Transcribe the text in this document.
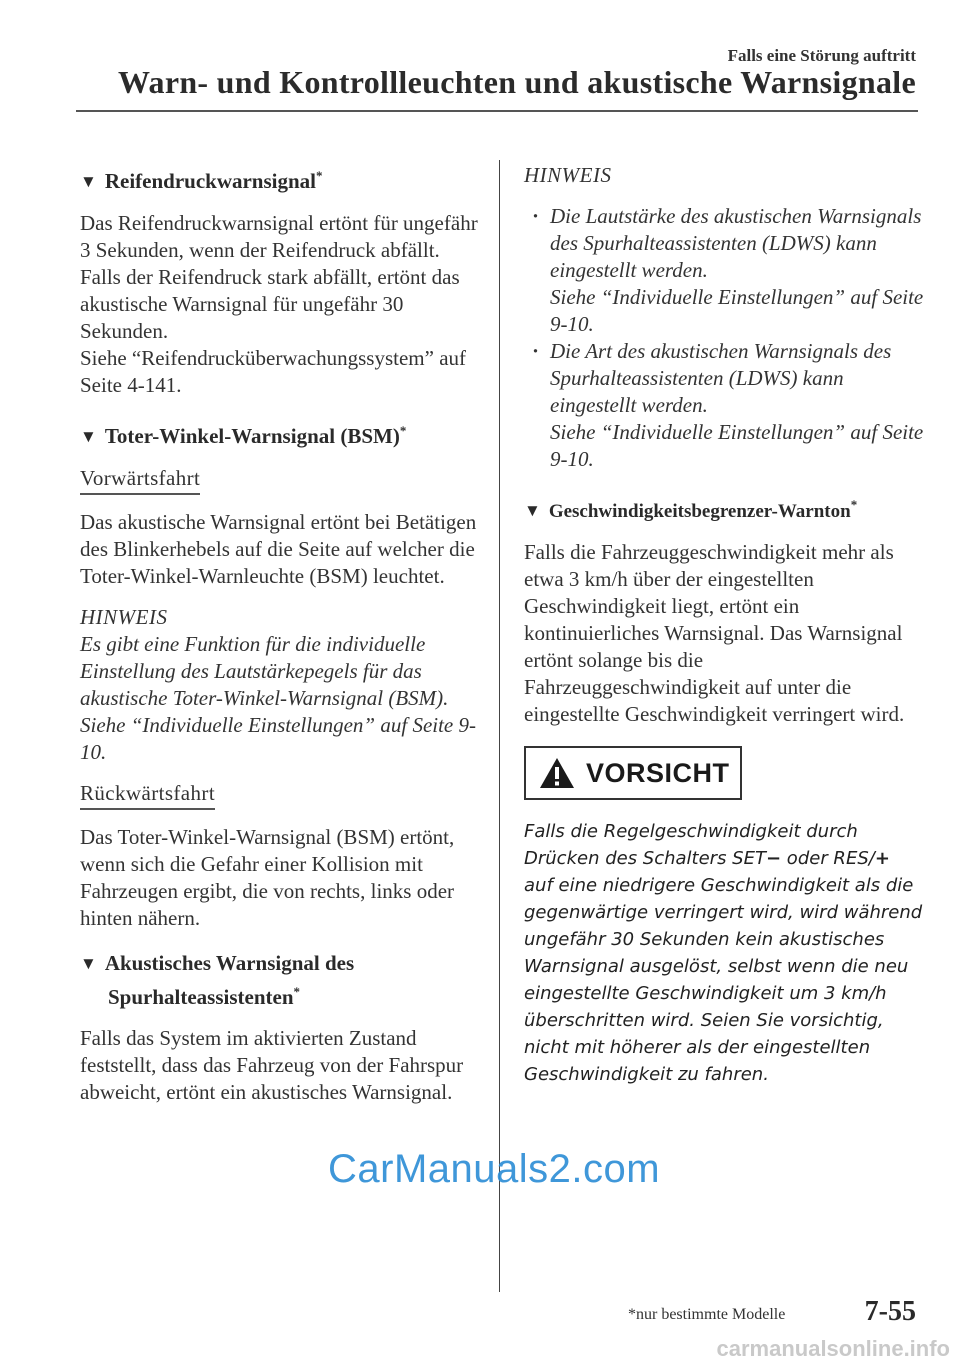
Falls eine Störung auftritt
Warn- und Kontrollleuchten und akustische Warnsignale
▼ Reifendruckwarnsignal*

Das Reifendruckwarnsignal ertönt für ungefähr 3 Sekunden, wenn der Reifendruck abfällt.

Falls der Reifendruck stark abfällt, ertönt das akustische Warnsignal für ungefähr 30 Sekunden.

Siehe “Reifendrucküberwachungssystem” auf Seite 4-141.

▼ Toter-Winkel-Warnsignal (BSM)*
Vorwärtsfahrt

Das akustische Warnsignal ertönt bei Betätigen des Blinkerhebels auf die Seite auf welcher die Toter-Winkel-Warnleuchte (BSM) leuchtet.

HINWEIS

Es gibt eine Funktion für die individuelle Einstellung des Lautstärkepegels für das akustische Toter-Winkel-Warnsignal (BSM).

Siehe “Individuelle Einstellungen” auf Seite 9-10.

Rückwärtsfahrt

Das Toter-Winkel-Warnsignal (BSM) ertönt, wenn sich die Gefahr einer Kollision mit Fahrzeugen ergibt, die von rechts, links oder hinten nähern.

▼ Akustisches Warnsignal des Spurhalteassistenten*

Falls das System im aktivierten Zustand feststellt, dass das Fahrzeug von der Fahrspur abweicht, ertönt ein akustisches Warnsignal.

HINWEIS

· Die Lautstärke des akustischen Warnsignals des Spurhalteassistenten (LDWS) kann eingestellt werden.
Siehe “Individuelle Einstellungen” auf Seite 9-10.
· Die Art des akustischen Warnsignals des Spurhalteassistenten (LDWS) kann eingestellt werden.
Siehe “Individuelle Einstellungen” auf Seite 9-10.
▼ Geschwindigkeitsbegrenzer-Warnton*

Falls die Fahrzeuggeschwindigkeit mehr als etwa 3 km/h über der eingestellten Geschwindigkeit liegt, ertönt ein kontinuierliches Warnsignal. Das Warnsignal ertönt solange bis die Fahrzeuggeschwindigkeit auf unter die eingestellte Geschwindigkeit verringert wird.

VORSICHT

Falls die Regelgeschwindigkeit durch Drücken des Schalters SET− oder RES/+ auf eine niedrigere Geschwindigkeit als die gegenwärtige verringert wird, wird während ungefähr 30 Sekunden kein akustisches Warnsignal ausgelöst, selbst wenn die neu eingestellte Geschwindigkeit um 3 km/h überschritten wird. Seien Sie vorsichtig, nicht mit höherer als der eingestellten Geschwindigkeit zu fahren.

CarManuals2.com
*nur bestimmte Modelle	7-55
carmanualsonline.info
